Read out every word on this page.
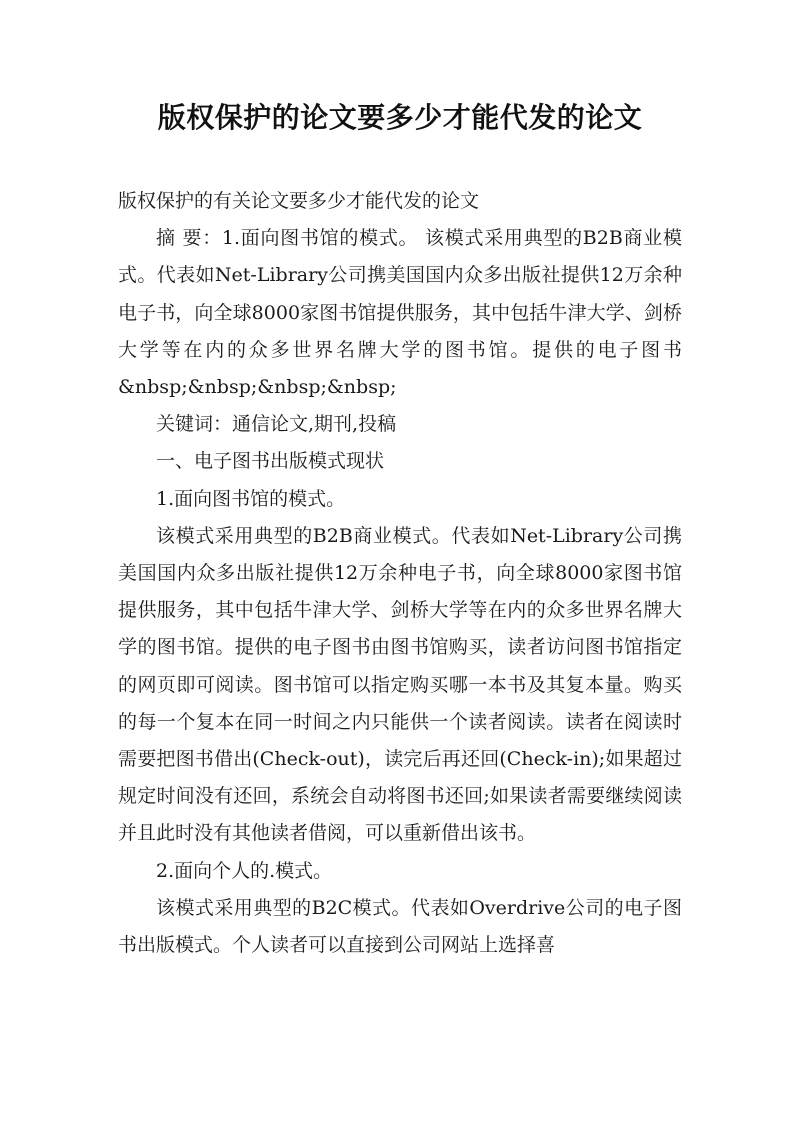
版权保护的论文要多少才能代发的论文

版权保护的有关论文要多少才能代发的论文

摘 要：1.面向图书馆的模式。 该模式采用典型的B2B商业模式。代表如Net-Library公司携美国国内众多出版社提供12万余种电子书，向全球8000家图书馆提供服务，其中包括牛津大学、剑桥大学等在内的众多世界名牌大学的图书馆。提供的电子图书 &nbsp;&nbsp;&nbsp;&nbsp;

关键词：通信论文,期刊,投稿

一、电子图书出版模式现状

1.面向图书馆的模式。

该模式采用典型的B2B商业模式。代表如Net-Library公司携美国国内众多出版社提供12万余种电子书，向全球8000家图书馆提供服务，其中包括牛津大学、剑桥大学等在内的众多世界名牌大学的图书馆。提供的电子图书由图书馆购买，读者访问图书馆指定的网页即可阅读。图书馆可以指定购买哪一本书及其复本量。购买的每一个复本在同一时间之内只能供一个读者阅读。读者在阅读时需要把图书借出(Check-out)，读完后再还回(Check-in);如果超过规定时间没有还回，系统会自动将图书还回;如果读者需要继续阅读并且此时没有其他读者借阅，可以重新借出该书。

2.面向个人的.模式。

该模式采用典型的B2C模式。代表如Overdrive公司的电子图书出版模式。个人读者可以直接到公司网站上选择喜
